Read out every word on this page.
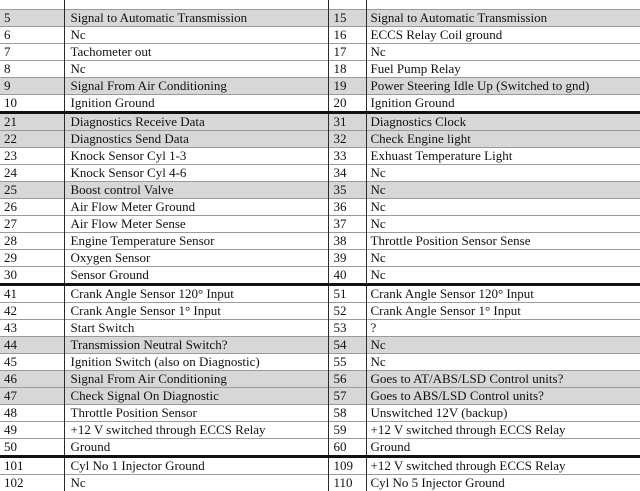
5	Signal to Automatic Transmission	15	Signal to Automatic Transmission
6	Nc	16	ECCS Relay Coil ground
7	Tachometer out	17	Nc
8	Nc	18	Fuel Pump Relay
9	Signal From Air Conditioning	19	Power Steering Idle Up (Switched to gnd)
10	Ignition Ground	20	Ignition Ground
21	Diagnostics Receive Data	31	Diagnostics Clock
22	Diagnostics Send Data	32	Check Engine light
23	Knock Sensor Cyl 1-3	33	Exhuast Temperature Light
24	Knock Sensor Cyl 4-6	34	Nc
25	Boost control Valve	35	Nc
26	Air Flow Meter Ground	36	Nc
27	Air Flow Meter Sense	37	Nc
28	Engine Temperature Sensor	38	Throttle Position Sensor Sense
29	Oxygen Sensor	39	Nc
30	Sensor Ground	40	Nc
41	Crank Angle Sensor 120° Input	51	Crank Angle Sensor 120° Input
42	Crank Angle Sensor 1° Input	52	Crank Angle Sensor 1° Input
43	Start Switch	53	?
44	Transmission Neutral Switch?	54	Nc
45	Ignition Switch (also on Diagnostic)	55	Nc
46	Signal From Air Conditioning	56	Goes to AT/ABS/LSD Control units?
47	Check Signal On Diagnostic	57	Goes to ABS/LSD Control units?
48	Throttle Position Sensor	58	Unswitched 12V (backup)
49	+12 V switched through ECCS Relay	59	+12 V switched through ECCS Relay
50	Ground	60	Ground
101	Cyl No 1 Injector Ground	109	+12 V switched through ECCS Relay
102	Nc	110	Cyl No 5 Injector Ground
